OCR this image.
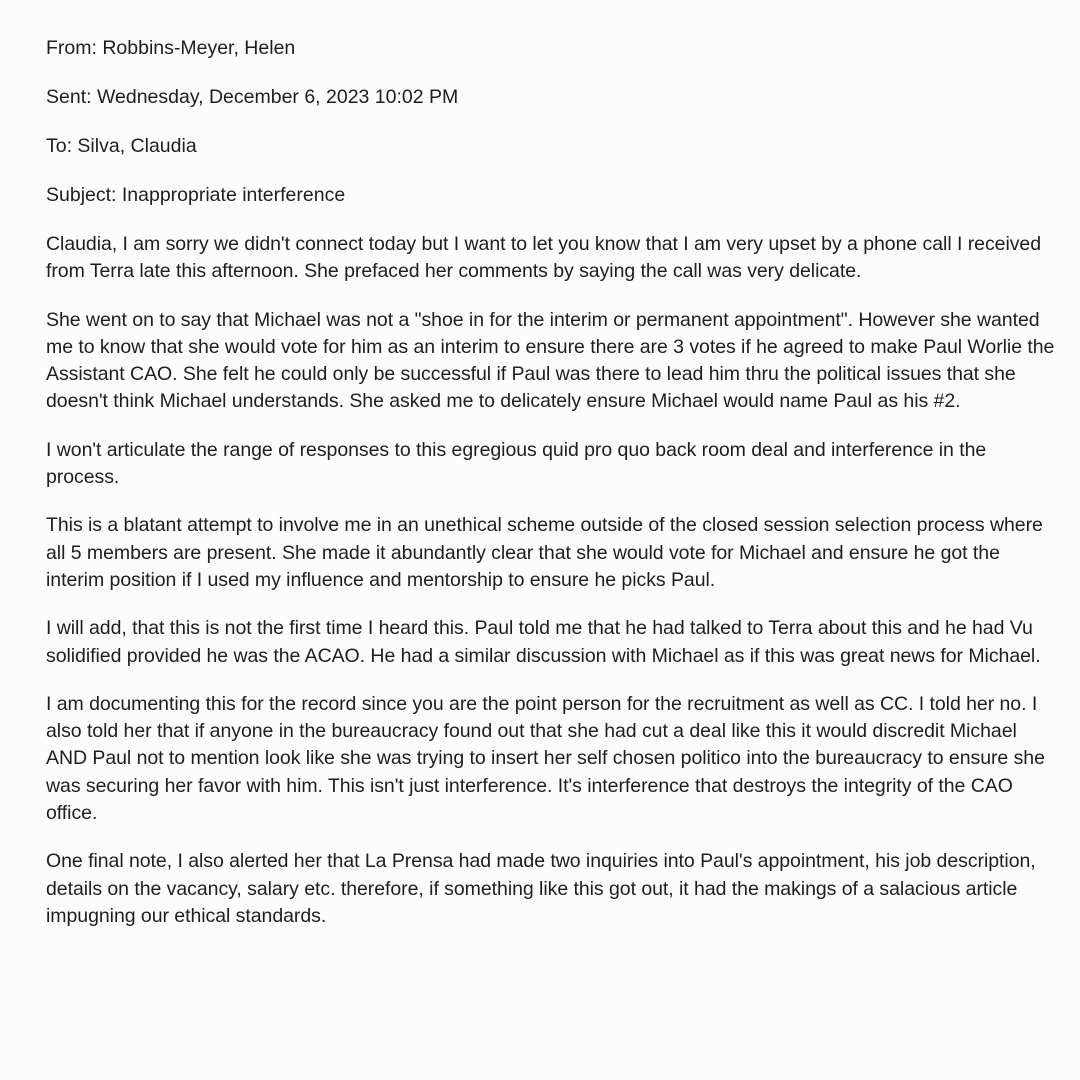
From: Robbins-Meyer, Helen
Sent: Wednesday, December 6, 2023 10:02 PM
To: Silva, Claudia
Subject: Inappropriate interference

Claudia, I am sorry we didn't connect today but I want to let you know that I am very upset by a phone call I received from Terra late this afternoon. She prefaced her comments by saying the call was very delicate.

She went on to say that Michael was not a "shoe in for the interim or permanent appointment". However she wanted me to know that she would vote for him as an interim to ensure there are 3 votes if he agreed to make Paul Worlie the Assistant CAO. She felt he could only be successful if Paul was there to lead him thru the political issues that she doesn't think Michael understands. She asked me to delicately ensure Michael would name Paul as his #2.

I won't articulate the range of responses to this egregious quid pro quo back room deal and interference in the process.

This is a blatant attempt to involve me in an unethical scheme outside of the closed session selection process where all 5 members are present. She made it abundantly clear that she would vote for Michael and ensure he got the interim position if I used my influence and mentorship to ensure he picks Paul.

I will add, that this is not the first time I heard this. Paul told me that he had talked to Terra about this and he had Vu solidified provided he was the ACAO. He had a similar discussion with Michael as if this was great news for Michael.

I am documenting this for the record since you are the point person for the recruitment as well as CC. I told her no. I also told her that if anyone in the bureaucracy found out that she had cut a deal like this it would discredit Michael AND Paul not to mention look like she was trying to insert her self chosen politico into the bureaucracy to ensure she was securing her favor with him. This isn't just interference. It's interference that destroys the integrity of the CAO office.

One final note, I also alerted her that La Prensa had made two inquiries into Paul's appointment, his job description, details on the vacancy, salary etc. therefore, if something like this got out, it had the makings of a salacious article impugning our ethical standards.
